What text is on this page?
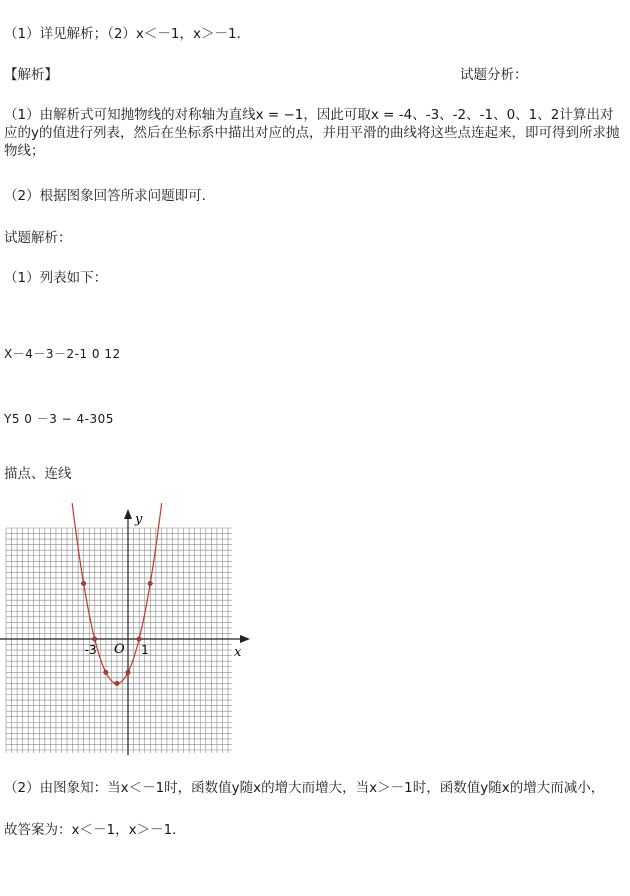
（1）详见解析；（2）x＜－1，x＞－1．
【解析】	试题分析：
（1）由解析式可知抛物线的对称轴为直线x = −1，因此可取x = -4、-3、-2、-1、0、1、2计算出对应的y的值进行列表，然后在坐标系中描出对应的点，并用平滑的曲线将这些点连起来，即可得到所求抛物线；
（2）根据图象回答所求问题即可.
试题解析：
（1）列表如下：
X－4－3－2-1 0 12
Y5 0 －3 − 4-305
描点、连线
y
x
O
-3	1
（2）由图象知：当x＜－1时，函数值y随x的增大而增大，当x＞－1时，函数值y随x的增大而减小，
故答案为：x＜－1，x＞－1．
